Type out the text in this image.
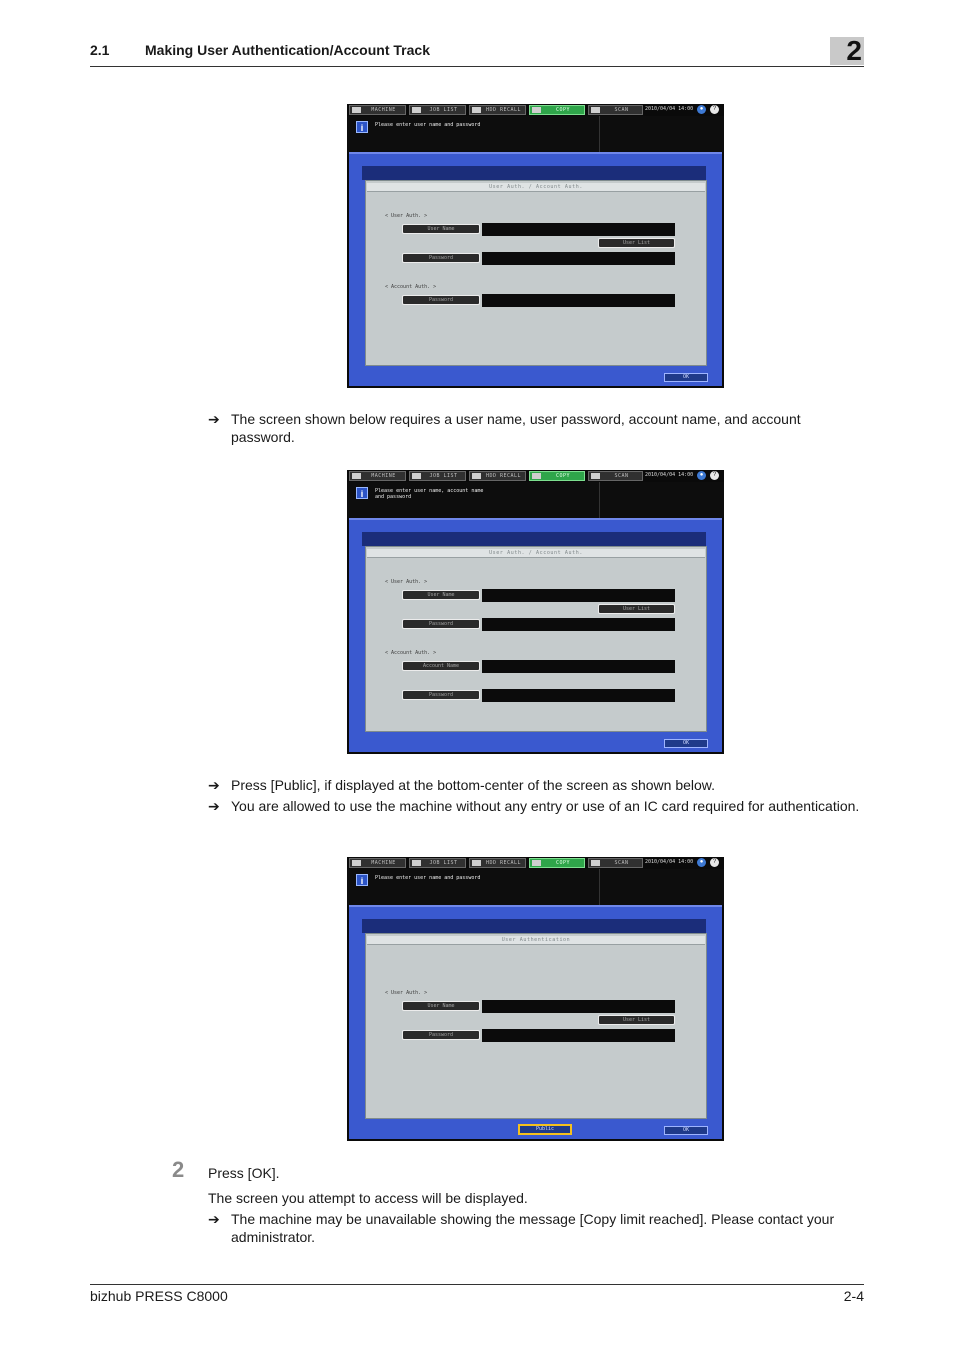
2.1	Making User Authentication/Account Track	2
MACHINE	JOB LIST	HDD RECALL	COPY	SCAN	2010/04/04 14:00	●	?
i	Please enter user name and password
User Auth. / Account Auth.
< User Auth. >
User Name
User List
Password
< Account Auth. >
Password
OK
➔ The screen shown below requires a user name, user password, account name, and account password.
MACHINE	JOB LIST	HDD RECALL	COPY	SCAN	2010/04/04 14:00	●	?
i	Please enter user name, account name and password
User Auth. / Account Auth.
< User Auth. >
User Name
User List
Password
< Account Auth. >
Account Name
Password
OK
➔ Press [Public], if displayed at the bottom-center of the screen as shown below.
➔ You are allowed to use the machine without any entry or use of an IC card required for authentication.
MACHINE	JOB LIST	HDD RECALL	COPY	SCAN	2010/04/04 14:00	●	?
i	Please enter user name and password
User Authentication
< User Auth. >
User Name
User List
Password
Public	OK
2 Press [OK].
The screen you attempt to access will be displayed.
➔ The machine may be unavailable showing the message [Copy limit reached]. Please contact your administrator.
bizhub PRESS C8000	2-4
